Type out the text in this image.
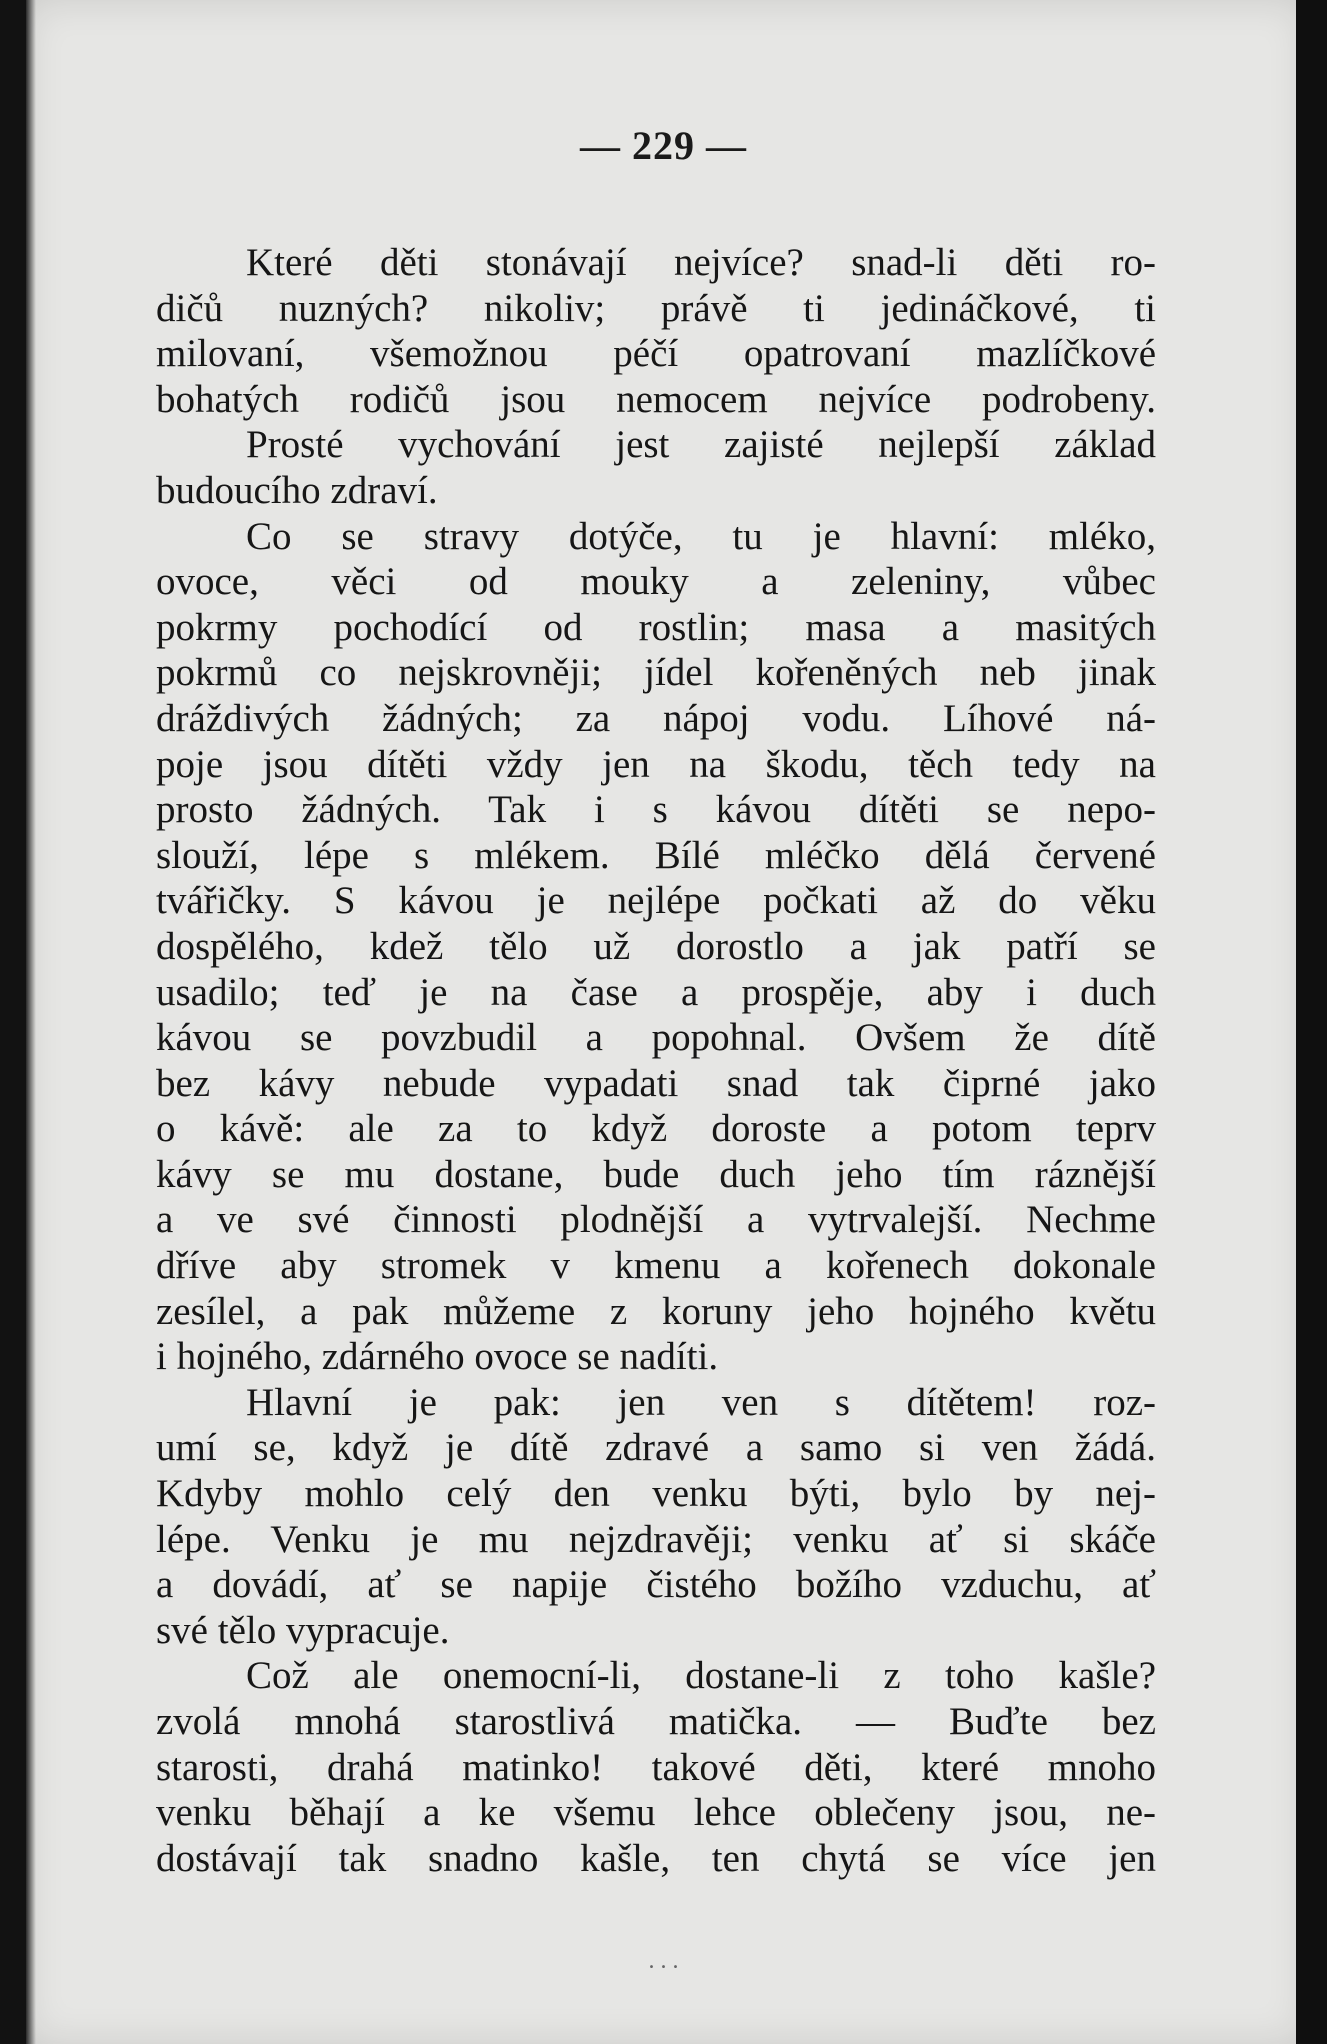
— 229 —
Které děti stonávají nejvíce? snad-li děti ro-
dičů nuzných? nikoliv; právě ti jedináčkové, ti
milovaní, všemožnou péčí opatrovaní mazlíčkové
bohatých rodičů jsou nemocem nejvíce podrobeny.
Prosté vychování jest zajisté nejlepší základ
budoucího zdraví.
Co se stravy dotýče, tu je hlavní: mléko,
ovoce, věci od mouky a zeleniny, vůbec
pokrmy pochodící od rostlin; masa a masitých
pokrmů co nejskrovněji; jídel kořeněných neb jinak
dráždivých žádných; za nápoj vodu. Líhové ná-
poje jsou dítěti vždy jen na škodu, těch tedy na
prosto žádných. Tak i s kávou dítěti se nepo-
slouží, lépe s mlékem. Bílé mléčko dělá červené
tvářičky. S kávou je nejlépe počkati až do věku
dospělého, kdež tělo už dorostlo a jak patří se
usadilo; teď je na čase a prospěje, aby i duch
kávou se povzbudil a popohnal. Ovšem že dítě
bez kávy nebude vypadati snad tak čiprné jako
o kávě: ale za to když doroste a potom teprv
kávy se mu dostane, bude duch jeho tím ráznější
a ve své činnosti plodnější a vytrvalejší. Nechme
dříve aby stromek v kmenu a kořenech dokonale
zesílel, a pak můžeme z koruny jeho hojného květu
i hojného, zdárného ovoce se nadíti.
Hlavní je pak: jen ven s dítětem! roz-
umí se, když je dítě zdravé a samo si ven žádá.
Kdyby mohlo celý den venku býti, bylo by nej-
lépe. Venku je mu nejzdravěji; venku ať si skáče
a dovádí, ať se napije čistého božího vzduchu, ať
své tělo vypracuje.
Což ale onemocní-li, dostane-li z toho kašle?
zvolá mnohá starostlivá matička. — Buďte bez
starosti, drahá matinko! takové děti, které mnoho
venku běhají a ke všemu lehce oblečeny jsou, ne-
dostávají tak snadno kašle, ten chytá se více jen
. . .
